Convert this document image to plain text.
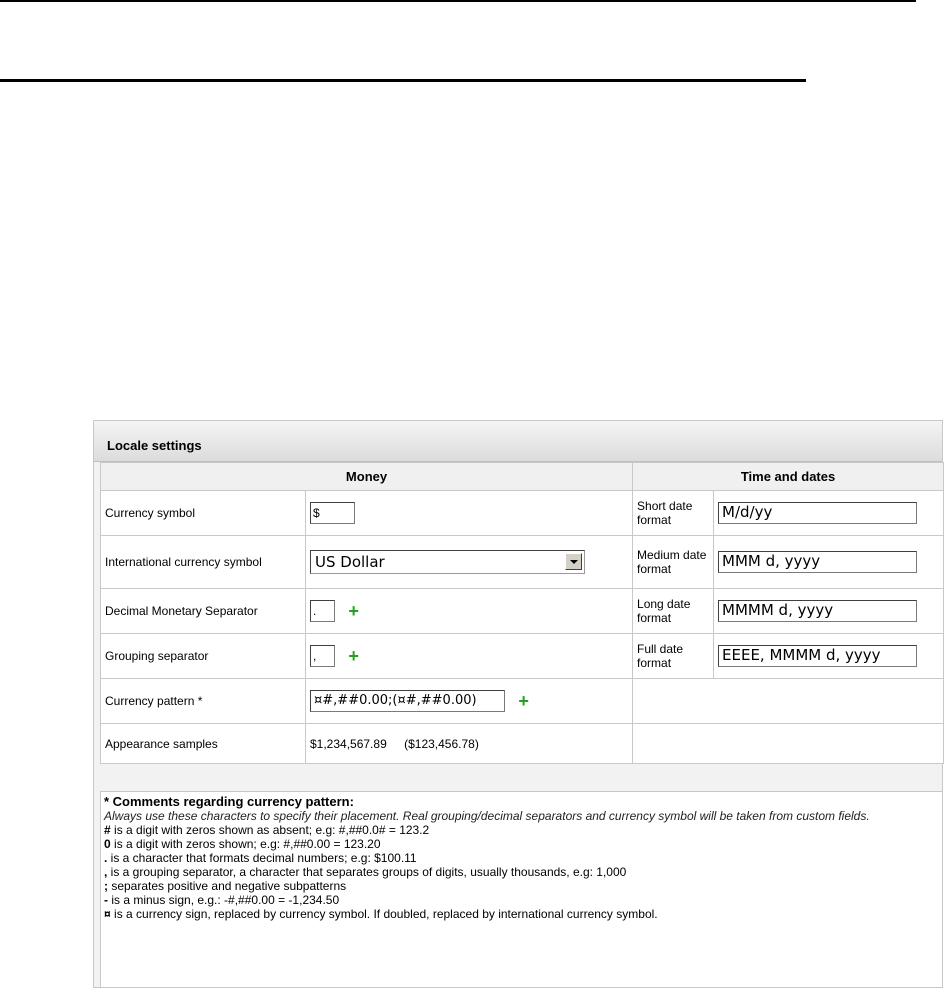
Locale settings
Money		Time and dates	
Currency symbol	$	Short date format	M/d/yy
International currency symbol	US Dollar	Medium date format	MMM d, yyyy
Decimal Monetary Separator	. +	Long date format	MMMM d, yyyy
Grouping separator	, +	Full date format	EEEE, MMMM d, yyyy
Currency pattern *	¤#,##0.00;(¤#,##0.00) +		
Appearance samples	$1,234,567.89 ($123,456.78)		
* Comments regarding currency pattern:
Always use these characters to specify their placement. Real grouping/decimal separators and currency symbol will be taken from custom fields.
# is a digit with zeros shown as absent; e.g: #,##0.0# = 123.2
0 is a digit with zeros shown; e.g: #,##0.00 = 123.20
. is a character that formats decimal numbers; e.g: $100.11
, is a grouping separator, a character that separates groups of digits, usually thousands, e.g: 1,000
; separates positive and negative subpatterns
- is a minus sign, e.g.: -#,##0.00 = -1,234.50
¤ is a currency sign, replaced by currency symbol. If doubled, replaced by international currency symbol.
